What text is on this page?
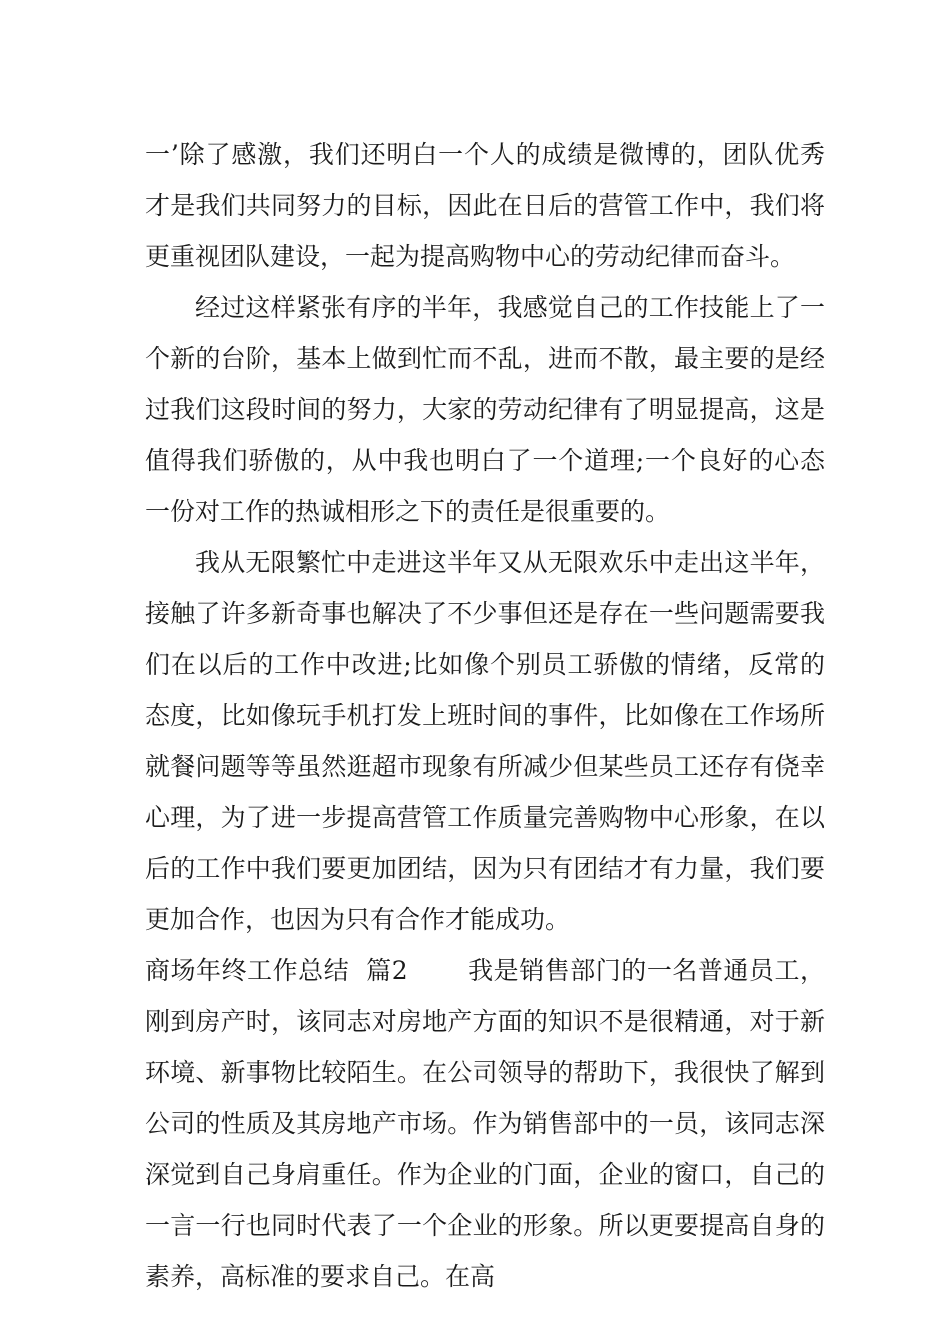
一’除了感激，我们还明白一个人的成绩是微博的，团队优秀才是我们共同努力的目标，因此在日后的营管工作中，我们将更重视团队建设，一起为提高购物中心的劳动纪律而奋斗。

经过这样紧张有序的半年，我感觉自己的工作技能上了一个新的台阶，基本上做到忙而不乱，进而不散，最主要的是经过我们这段时间的努力，大家的劳动纪律有了明显提高，这是值得我们骄傲的，从中我也明白了一个道理;一个良好的心态一份对工作的热诚相形之下的责任是很重要的。

我从无限繁忙中走进这半年又从无限欢乐中走出这半年，接触了许多新奇事也解决了不少事但还是存在一些问题需要我们在以后的工作中改进;比如像个别员工骄傲的情绪，反常的态度，比如像玩手机打发上班时间的事件，比如像在工作场所就餐问题等等虽然逛超市现象有所减少但某些员工还存有侥幸心理，为了进一步提高营管工作质量完善购物中心形象，在以后的工作中我们要更加团结，因为只有团结才有力量，我们要更加合作，也因为只有合作才能成功。

商场年终工作总结  篇2 我是销售部门的一名普通员工，刚到房产时，该同志对房地产方面的知识不是很精通，对于新环境、新事物比较陌生。在公司领导的帮助下，我很快了解到公司的性质及其房地产市场。作为销售部中的一员，该同志深深觉到自己身肩重任。作为企业的门面，企业的窗口，自己的一言一行也同时代表了一个企业的形象。所以更要提高自身的素养，高标准的要求自己。在高
